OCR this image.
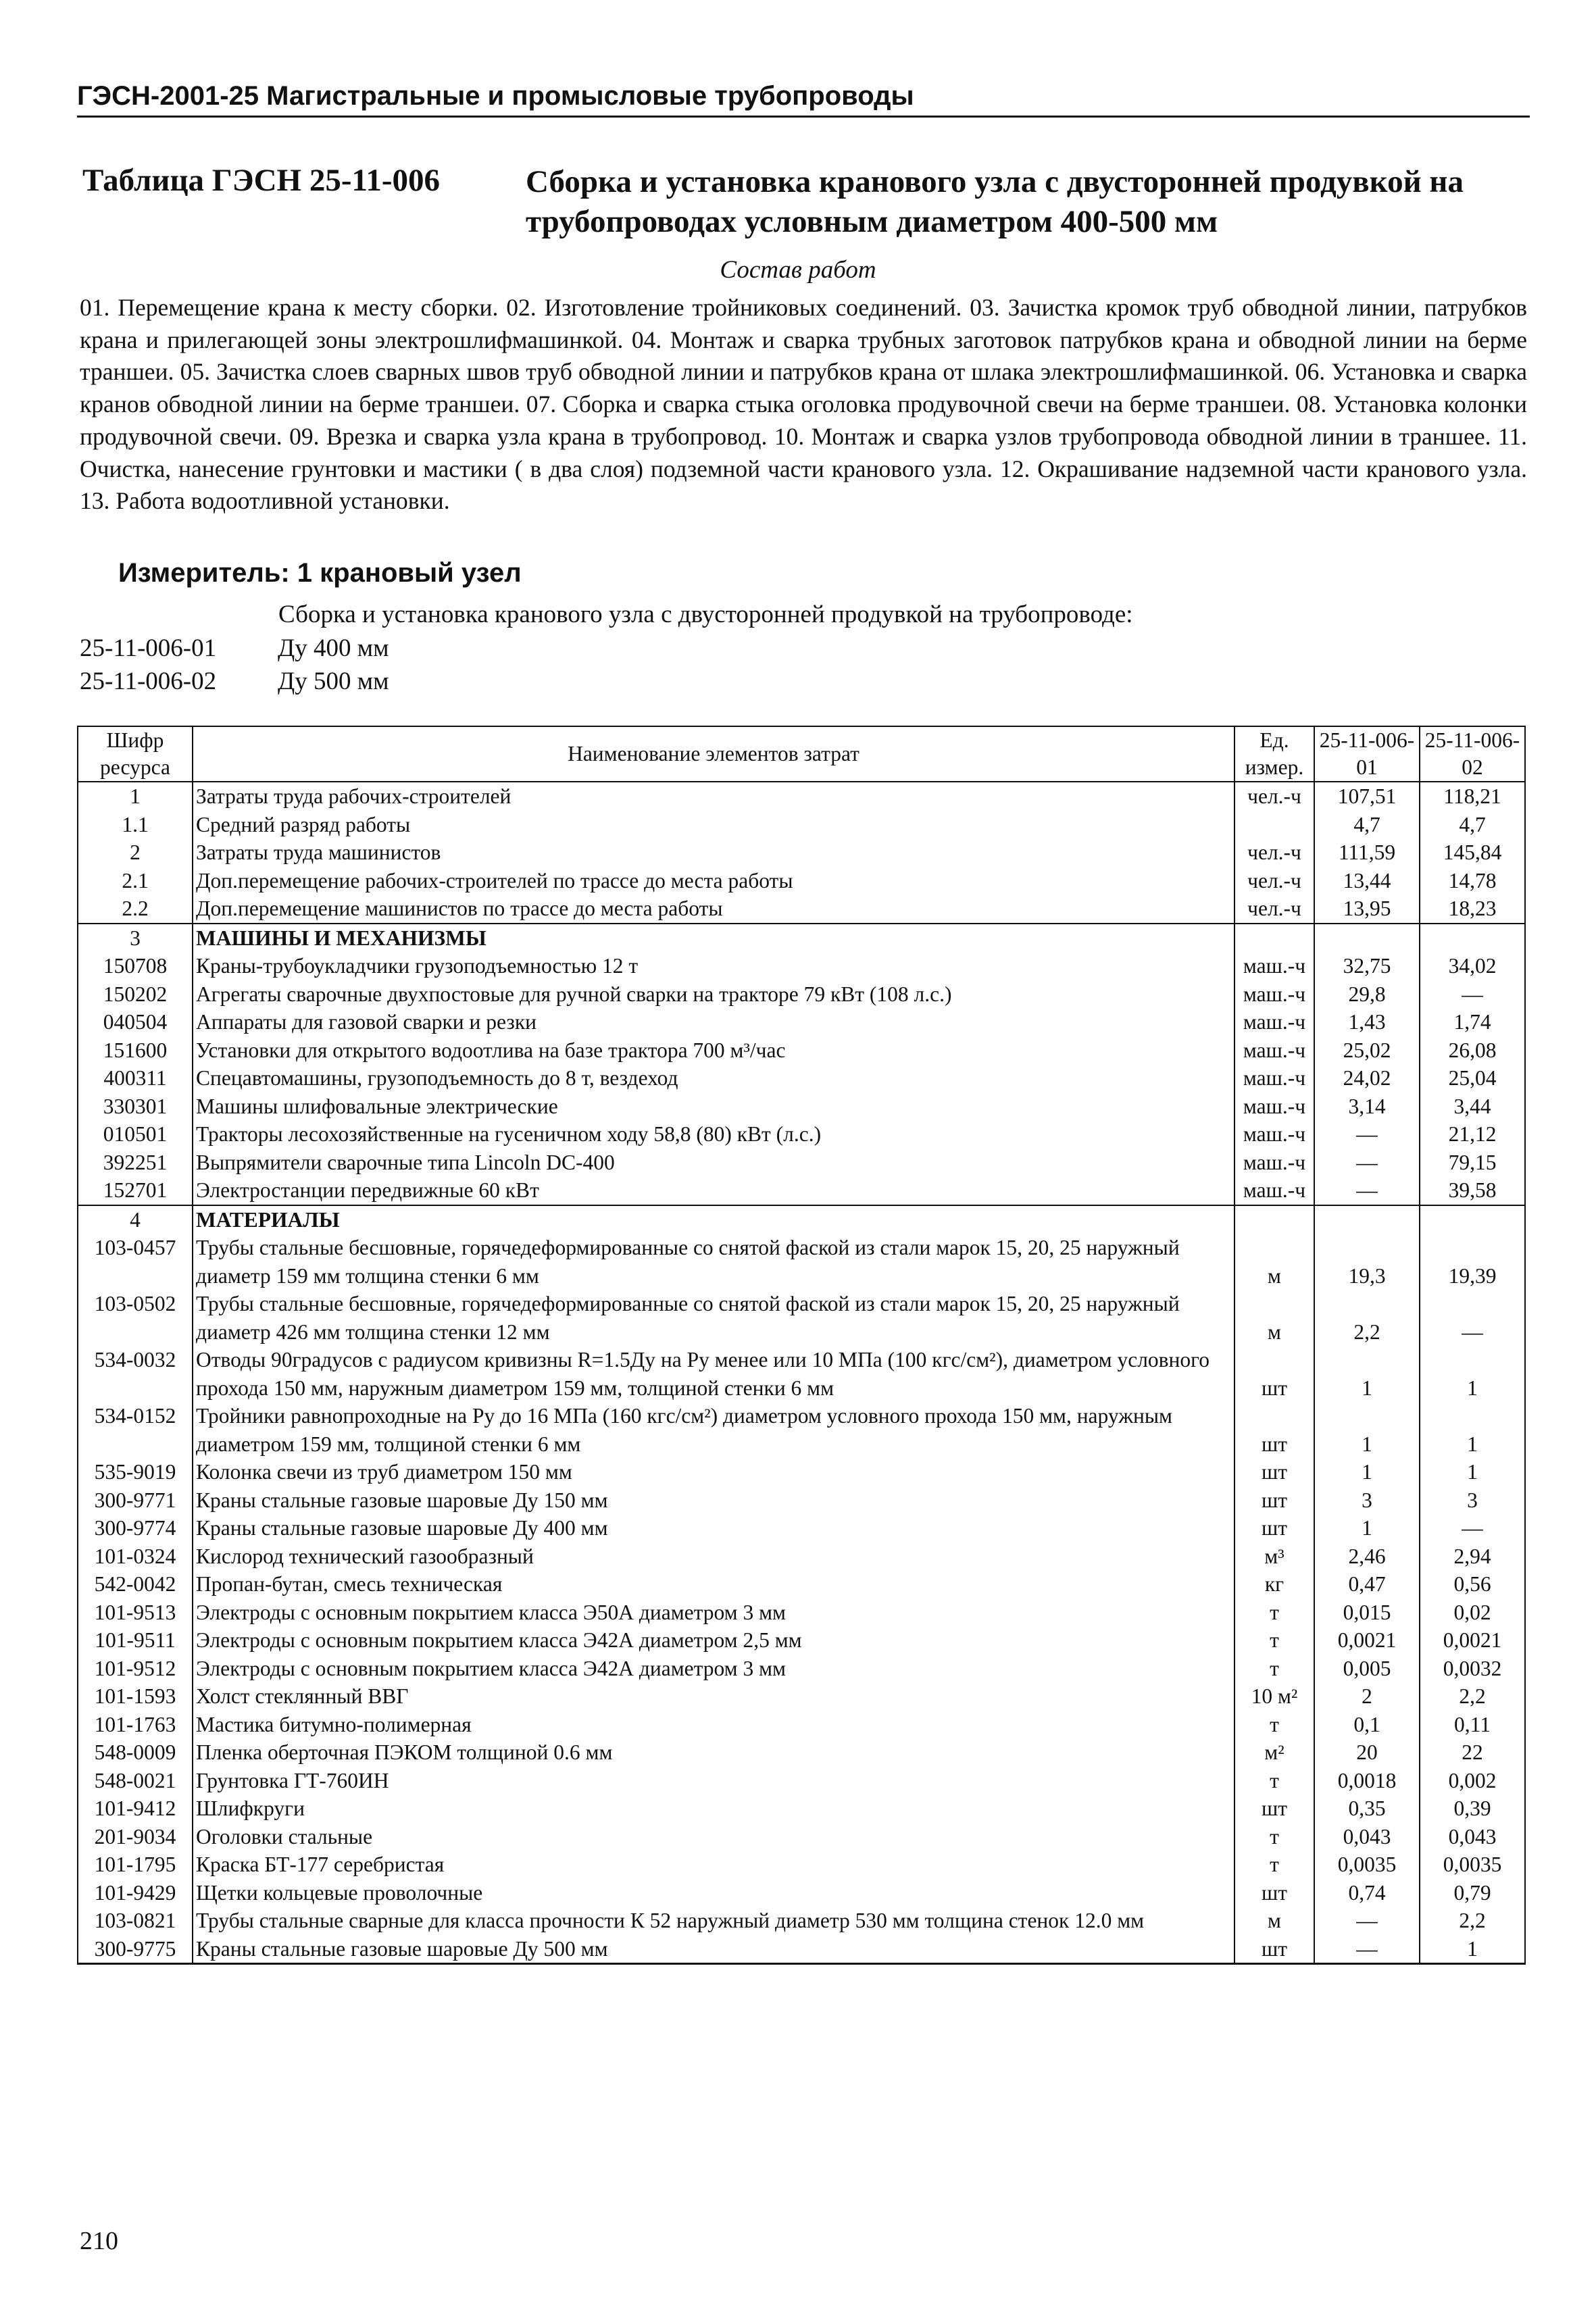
ГЭСН-2001-25 Магистральные и промысловые трубопроводы
Таблица ГЭСН 25-11-006	Сборка и установка кранового узла с двусторонней продувкой на трубопроводах условным диаметром 400-500 мм
Состав работ
01. Перемещение крана к месту сборки. 02. Изготовление тройниковых соединений. 03. Зачистка кромок труб обводной линии, патрубков крана и прилегающей зоны электрошлифмашинкой. 04. Монтаж и сварка трубных заготовок патрубков крана и обводной линии на берме траншеи. 05. Зачистка слоев сварных швов труб обводной линии и патрубков крана от шлака электрошлифмашинкой. 06. Установка и сварка кранов обводной линии на берме траншеи. 07. Сборка и сварка стыка оголовка продувочной свечи на берме траншеи. 08. Установка колонки продувочной свечи. 09. Врезка и сварка узла крана в трубопровод. 10. Монтаж и сварка узлов трубопровода обводной линии в траншее. 11. Очистка, нанесение грунтовки и мастики ( в два слоя) подземной части кранового узла. 12. Окрашивание надземной части кранового узла. 13. Работа водоотливной установки.
Измеритель: 1 крановый узел
Сборка и установка кранового узла с двусторонней продувкой на трубопроводе:
25-11-006-01 Ду 400 мм
25-11-006-02 Ду 500 мм
Шифр ресурса	Наименование элементов затрат	Ед. измер.	25-11-006-01	25-11-006-02
1	Затраты труда рабочих-строителей	чел.-ч	107,51	118,21
1.1	Средний разряд работы		4,7	4,7
2	Затраты труда машинистов	чел.-ч	111,59	145,84
2.1	Доп.перемещение рабочих-строителей по трассе до места работы	чел.-ч	13,44	14,78
2.2	Доп.перемещение машинистов по трассе до места работы	чел.-ч	13,95	18,23
3	МАШИНЫ И МЕХАНИЗМЫ			
150708	Краны-трубоукладчики грузоподъемностью 12 т	маш.-ч	32,75	34,02
150202	Агрегаты сварочные двухпостовые для ручной сварки на тракторе 79 кВт (108 л.с.)	маш.-ч	29,8	—
040504	Аппараты для газовой сварки и резки	маш.-ч	1,43	1,74
151600	Установки для открытого водоотлива на базе трактора 700 м³/час	маш.-ч	25,02	26,08
400311	Спецавтомашины, грузоподъемность до 8 т, вездеход	маш.-ч	24,02	25,04
330301	Машины шлифовальные электрические	маш.-ч	3,14	3,44
010501	Тракторы лесохозяйственные на гусеничном ходу 58,8 (80) кВт (л.с.)	маш.-ч	—	21,12
392251	Выпрямители сварочные типа Lincoln DC-400	маш.-ч	—	79,15
152701	Электростанции передвижные 60 кВт	маш.-ч	—	39,58
4	МАТЕРИАЛЫ			
103-0457	Трубы стальные бесшовные, горячедеформированные со снятой фаской из стали марок 15, 20, 25 наружный диаметр 159 мм толщина стенки 6 мм	м	19,3	19,39
103-0502	Трубы стальные бесшовные, горячедеформированные со снятой фаской из стали марок 15, 20, 25 наружный диаметр 426 мм толщина стенки 12 мм	м	2,2	—
534-0032	Отводы 90градусов с радиусом кривизны R=1.5Ду на Ру менее или 10 МПа (100 кгс/см²), диаметром условного прохода 150 мм, наружным диаметром 159 мм, толщиной стенки 6 мм	шт	1	1
534-0152	Тройники равнопроходные на Ру до 16 МПа (160 кгс/см²) диаметром условного прохода 150 мм, наружным диаметром 159 мм, толщиной стенки 6 мм	шт	1	1
535-9019	Колонка свечи из труб диаметром 150 мм	шт	1	1
300-9771	Краны стальные газовые шаровые Ду 150 мм	шт	3	3
300-9774	Краны стальные газовые шаровые Ду 400 мм	шт	1	—
101-0324	Кислород технический газообразный	м³	2,46	2,94
542-0042	Пропан-бутан, смесь техническая	кг	0,47	0,56
101-9513	Электроды с основным покрытием класса Э50А диаметром 3 мм	т	0,015	0,02
101-9511	Электроды с основным покрытием класса Э42А диаметром 2,5 мм	т	0,0021	0,0021
101-9512	Электроды с основным покрытием класса Э42А диаметром 3 мм	т	0,005	0,0032
101-1593	Холст стеклянный ВВГ	10 м²	2	2,2
101-1763	Мастика битумно-полимерная	т	0,1	0,11
548-0009	Пленка оберточная ПЭКОМ толщиной 0.6 мм	м²	20	22
548-0021	Грунтовка ГТ-760ИН	т	0,0018	0,002
101-9412	Шлифкруги	шт	0,35	0,39
201-9034	Оголовки стальные	т	0,043	0,043
101-1795	Краска БТ-177 серебристая	т	0,0035	0,0035
101-9429	Щетки кольцевые проволочные	шт	0,74	0,79
103-0821	Трубы стальные сварные для класса прочности К 52 наружный диаметр 530 мм толщина стенок 12.0 мм	м	—	2,2
300-9775	Краны стальные газовые шаровые Ду 500 мм	шт	—	1
210
